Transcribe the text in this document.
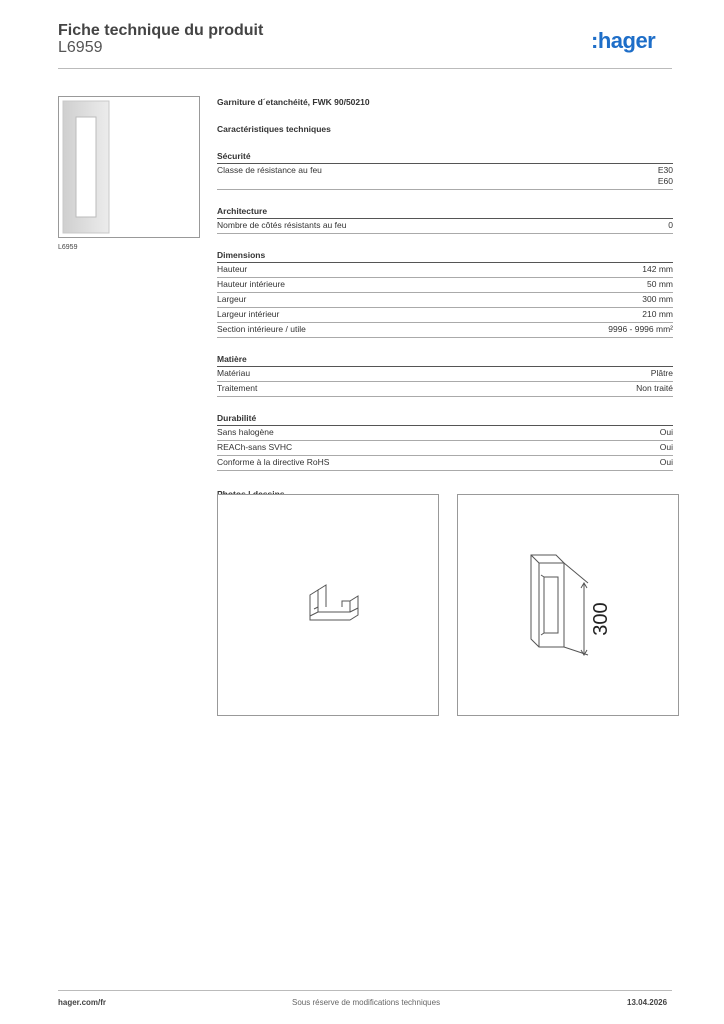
Fiche technique du produit
L6959	:hager
L6959
Garniture d´etanchéité, FWK 90/50210
Caractéristiques techniques
Sécurité
Classe de résistance au feu	E30
E60
Architecture
Nombre de côtés résistants au feu	0
Dimensions
Hauteur	142 mm
Hauteur intérieure	50 mm
Largeur	300 mm
Largeur intérieur	210 mm
Section intérieure / utile	9996 - 9996 mm²
Matière
Matériau	Plâtre
Traitement	Non traité
Durabilité
Sans halogène	Oui
REACh-sans SVHC	Oui
Conforme à la directive RoHS	Oui
300
hager.com/fr	Sous réserve de modifications techniques	13.04.2026
